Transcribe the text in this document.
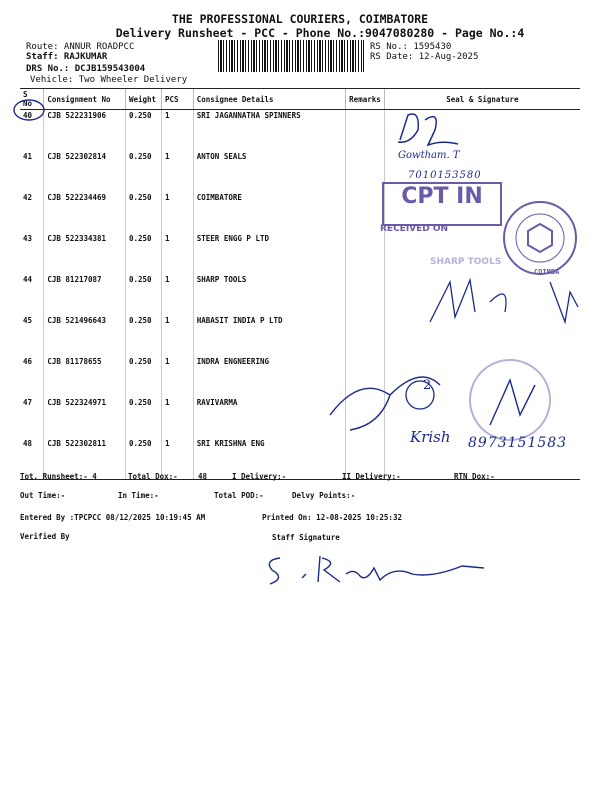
THE PROFESSIONAL COURIERS, COIMBATORE
Delivery Runsheet - PCC - Phone No.:9047080280 - Page No.:4
Route: ANNUR ROADPCC
Staff: RAJKUMAR
DRS No.: DCJB159543004
Vehicle: Two Wheeler Delivery
RS No.: 1595430
RS Date: 12-Aug-2025
S No	Consignment No	Weight	PCS	Consignee Details	Remarks	Seal & Signature
40	CJB 522231906	0.250	1	SRI JAGANNATHA SPINNERS		
41	CJB 522302814	0.250	1	ANTON SEALS		
42	CJB 522234469	0.250	1	COIMBATORE		
43	CJB 522334381	0.250	1	STEER ENGG P LTD		
44	CJB 81217087	0.250	1	SHARP TOOLS		
45	CJB 521496643	0.250	1	HABASIT INDIA P LTD		
46	CJB 81178655	0.250	1	INDRA ENGNEERING		
47	CJB 522324971	0.250	1	RAVIVARMA		
48	CJB 522302811	0.250	1	SRI KRISHNA ENG		
Gowtham. T
7010153580
CPT IN
RECEIVED ON
COIMBA
SHARP TOOLS
2
Krish 8973151583
Tot. Runsheet:- 4	Total Dox:-	48	I Delivery:-	II Delivery:-	RTN Dox:-
Out Time:-	In Time:-	Total POD:-	Delvy Points:-
Entered By :TPCPCC 08/12/2025 10:19:45 AM	Printed On: 12-08-2025 10:25:32
Verified By	Staff Signature
